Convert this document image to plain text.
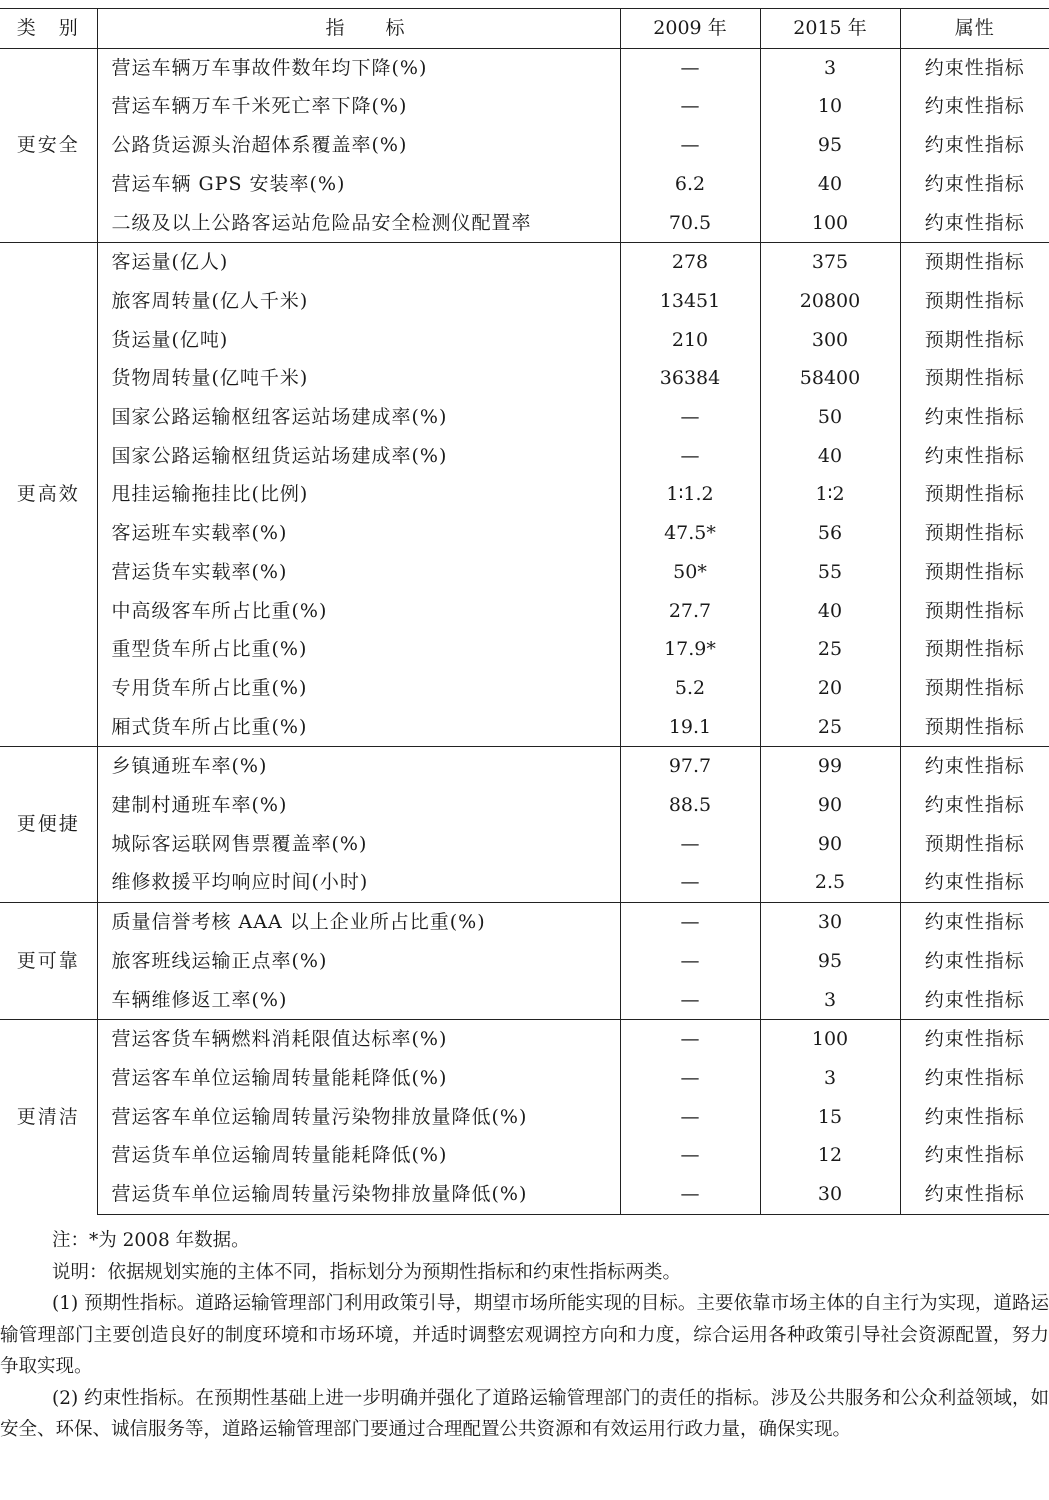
类　别	指　　标	2009 年	2015 年	属性
更安全	营运车辆万车事故件数年均下降(%)	—	3	约束性指标
	营运车辆万车千米死亡率下降(%)	—	10	约束性指标
	公路货运源头治超体系覆盖率(%)	—	95	约束性指标
	营运车辆 GPS 安装率(%)	6.2	40	约束性指标
	二级及以上公路客运站危险品安全检测仪配置率	70.5	100	约束性指标
更高效	客运量(亿人)	278	375	预期性指标
	旅客周转量(亿人千米)	13451	20800	预期性指标
	货运量(亿吨)	210	300	预期性指标
	货物周转量(亿吨千米)	36384	58400	预期性指标
	国家公路运输枢纽客运站场建成率(%)	—	50	约束性指标
	国家公路运输枢纽货运站场建成率(%)	—	40	约束性指标
	甩挂运输拖挂比(比例)	1∶1.2	1∶2	预期性指标
	客运班车实载率(%)	47.5*	56	预期性指标
	营运货车实载率(%)	50*	55	预期性指标
	中高级客车所占比重(%)	27.7	40	预期性指标
	重型货车所占比重(%)	17.9*	25	预期性指标
	专用货车所占比重(%)	5.2	20	预期性指标
	厢式货车所占比重(%)	19.1	25	预期性指标
更便捷	乡镇通班车率(%)	97.7	99	约束性指标
	建制村通班车率(%)	88.5	90	约束性指标
	城际客运联网售票覆盖率(%)	—	90	预期性指标
	维修救援平均响应时间(小时)	—	2.5	约束性指标
更可靠	质量信誉考核 AAA 以上企业所占比重(%)	—	30	约束性指标
	旅客班线运输正点率(%)	—	95	约束性指标
	车辆维修返工率(%)	—	3	约束性指标
更清洁	营运客货车辆燃料消耗限值达标率(%)	—	100	约束性指标
	营运客车单位运输周转量能耗降低(%)	—	3	约束性指标
	营运客车单位运输周转量污染物排放量降低(%)	—	15	约束性指标
	营运货车单位运输周转量能耗降低(%)	—	12	约束性指标
	营运货车单位运输周转量污染物排放量降低(%)	—	30	约束性指标

注：*为 2008 年数据。

说明：依据规划实施的主体不同，指标划分为预期性指标和约束性指标两类。

(1) 预期性指标。道路运输管理部门利用政策引导，期望市场所能实现的目标。主要依靠市场主体的自主行为实现，道路运输管理部门主要创造良好的制度环境和市场环境，并适时调整宏观调控方向和力度，综合运用各种政策引导社会资源配置，努力争取实现。

(2) 约束性指标。在预期性基础上进一步明确并强化了道路运输管理部门的责任的指标。涉及公共服务和公众利益领域，如安全、环保、诚信服务等，道路运输管理部门要通过合理配置公共资源和有效运用行政力量，确保实现。
